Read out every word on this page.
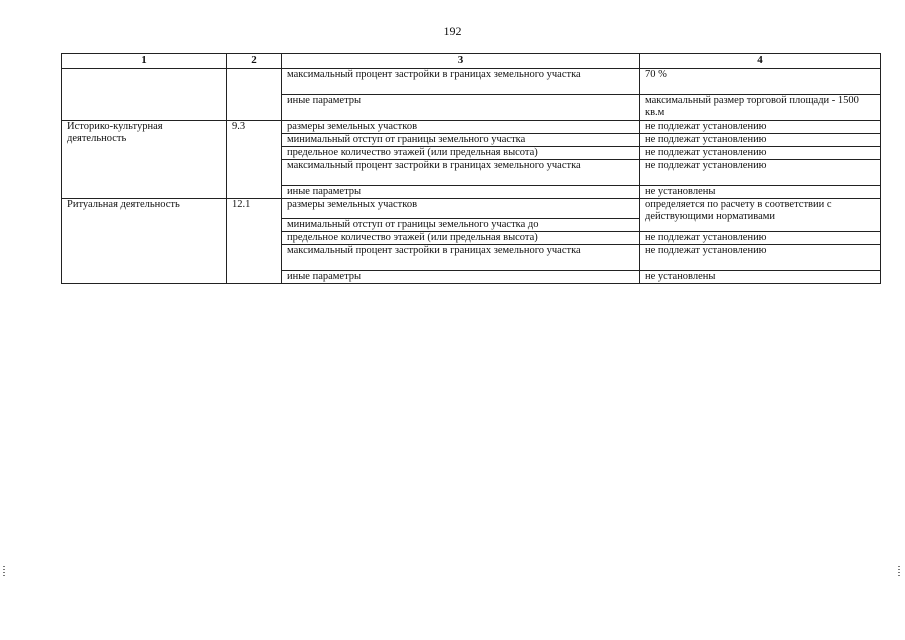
192
1	2	3	4
		максимальный процент застройки в границах земельного участка	70 %
		иные параметры	максимальный размер торговой площади - 1500 кв.м
Историко-культурная деятельность	9.3	размеры земельных участков	не подлежат установлению
		минимальный отступ от границы земельного участка	не подлежат установлению
		предельное количество этажей (или предельная высота)	не подлежат установлению
		максимальный процент застройки в границах земельного участка	не подлежат установлению
		иные параметры	не установлены
Ритуальная деятельность	12.1	размеры земельных участков	определяется по расчету в соответствии с действующими нормативами
		минимальный отступ от границы земельного участка до	
		предельное количество этажей (или предельная высота)	не подлежат установлению
		максимальный процент застройки в границах земельного участка	не подлежат установлению
		иные параметры	не установлены
